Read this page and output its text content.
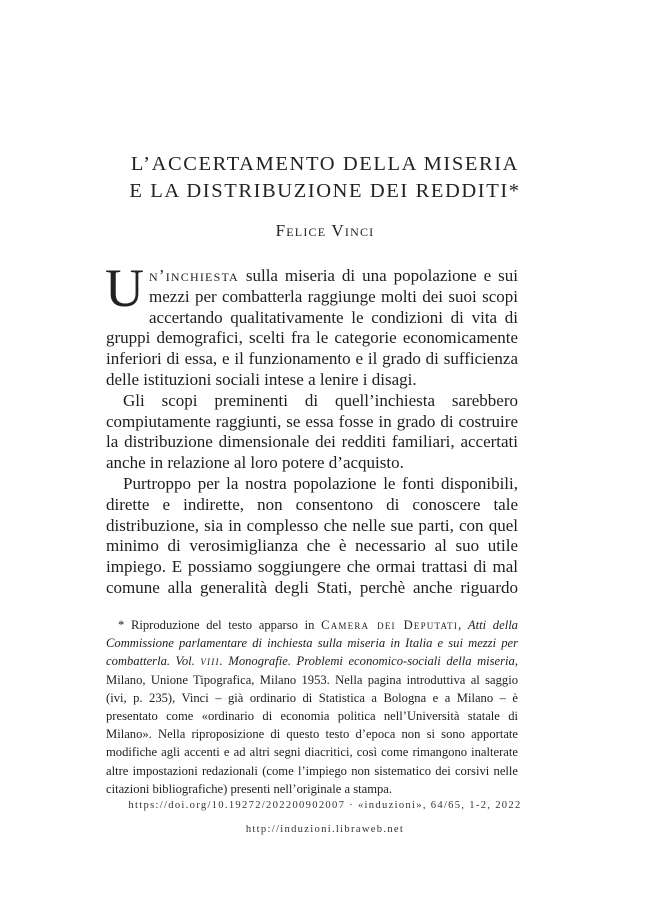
L’ACCERTAMENTO DELLA MISERIA
E LA DISTRIBUZIONE DEI REDDITI*
Felice Vinci
U n’inchiesta sulla miseria di una popolazione e sui

mezzi per combatterla raggiunge molti dei suoi scopi

accertando qualitativamente le condizioni di vita di gruppi demografici, scelti fra le categorie economicamente inferiori di essa, e il funzionamento e il grado di sufficienza delle istituzioni sociali intese a lenire i disagi.

Gli scopi preminenti di quell’inchiesta sarebbero compiutamente raggiunti, se essa fosse in grado di costruire la distribuzione dimensionale dei redditi familiari, accertati anche in relazione al loro potere d’acquisto.

Purtroppo per la nostra popolazione le fonti disponibili, dirette e indirette, non consentono di conoscere tale distribuzione, sia in complesso che nelle sue parti, con quel minimo di verosimiglianza che è necessario al suo utile impiego. E possiamo soggiungere che ormai trattasi di mal comune alla generalità degli Stati, perchè anche riguardo

* Riproduzione del testo apparso in Camera dei Deputati, Atti della Commissione parlamentare di inchiesta sulla miseria in Italia e sui mezzi per combatterla. Vol. viii. Monografie. Problemi economico-sociali della miseria, Milano, Unione Tipografica, Milano 1953. Nella pagina introduttiva al saggio (ivi, p. 235), Vinci – già ordinario di Statistica a Bologna e a Milano – è presentato come «ordinario di economia politica nell’Università statale di Milano». Nella riproposizione di questo testo d’epoca non si sono apportate modifiche agli accenti e ad altri segni diacritici, così come rimangono inalterate altre impostazioni redazionali (come l’impiego non sistematico dei corsivi nelle citazioni bibliografiche) presenti nell’originale a stampa.

https://doi.org/10.19272/202200902007 · «induzioni», 64/65, 1-2, 2022
http://induzioni.libraweb.net
